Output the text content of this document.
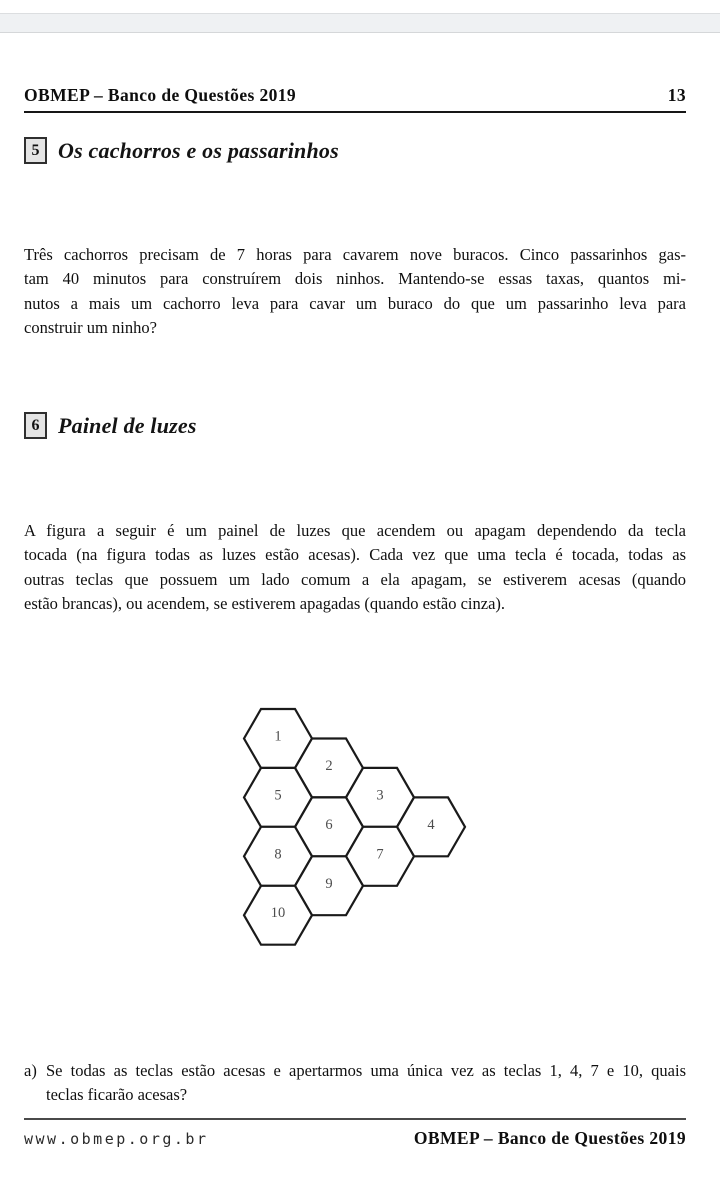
OBMEP – Banco de Questões 2019	13
5 Os cachorros e os passarinhos
Três cachorros precisam de 7 horas para cavarem nove buracos. Cinco passarinhos gas-
tam 40 minutos para construírem dois ninhos. Mantendo-se essas taxas, quantos mi-
nutos a mais um cachorro leva para cavar um buraco do que um passarinho leva para
construir um ninho?
6 Painel de luzes
A figura a seguir é um painel de luzes que acendem ou apagam dependendo da tecla
tocada (na figura todas as luzes estão acesas). Cada vez que uma tecla é tocada, todas as
outras teclas que possuem um lado comum a ela apagam, se estiverem acesas (quando
estão brancas), ou acendem, se estiverem apagadas (quando estão cinza).
1
2
3
4
5
6
7
8
9
10
a) Se todas as teclas estão acesas e apertarmos uma única vez as teclas 1, 4, 7 e 10, quais
teclas ficarão acesas?
www.obmep.org.br	OBMEP – Banco de Questões 2019
